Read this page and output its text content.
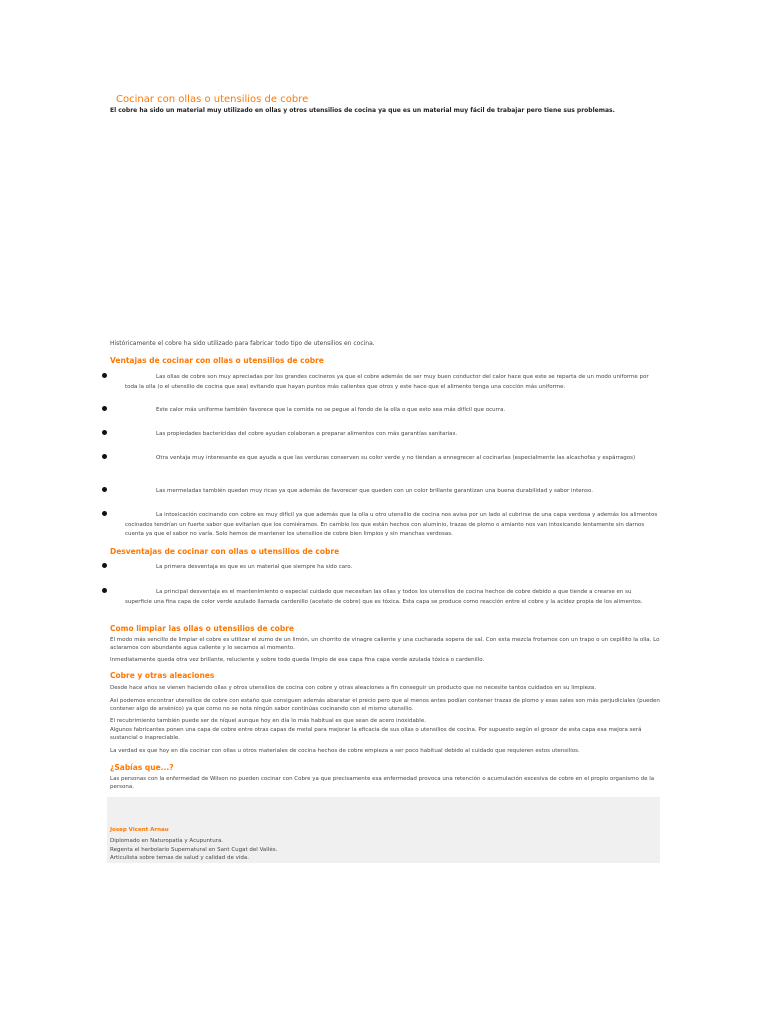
Cocinar con ollas o utensilios de cobre
El cobre ha sido un material muy utilizado en ollas y otros utensilios de cocina ya que es un material muy fácil de trabajar pero tiene sus problemas.
Históricamente el cobre ha sido utilizado para fabricar todo tipo de utensilios en cocina.
Ventajas de cocinar con ollas o utensilios de cobre
Las ollas de cobre son muy apreciadas por los grandes cocineros ya que el cobre además de ser muy buen conductor del calor hace que este se reparta de un modo uniforme por toda la olla (o el utensilio de cocina que sea) evitando que hayan puntos más calientes que otros y este hace que el alimento tenga una cocción más uniforme.
Este calor más uniforme también favorece que la comida no se pegue al fondo de la olla o que esto sea más difícil que ocurra.
Las propiedades bactericidas del cobre ayudan colaboran a preparar alimentos con más garantías sanitarias.
Otra ventaja muy interesante es que ayuda a que las verduras conserven su color verde y no tiendan a ennegrecer al cocinarlas (especialmente las alcachofas y espárragos)
Las mermeladas también quedan muy ricas ya que además de favorecer que queden con un color brillante garantizan una buena durabilidad y sabor intenso.
La intoxicación cocinando con cobre es muy difícil ya que además que la olla u otro utensilio de cocina nos avisa por un lado al cubrirse de una capa verdosa y además los alimentos cocinados tendrían un fuerte sabor que evitarían que los comiéramos. En cambio los que están hechos con aluminio, trazas de plomo o amianto nos van intoxicando lentamente sin darnos cuenta ya que el sabor no varía. Solo hemos de mantener los utensilios de cobre bien limpios y sin manchas verdosas.
Desventajas de cocinar con ollas o utensilios de cobre
La primera desventaja es que es un material que siempre ha sido caro.
La principal desventaja es el mantenimiento o especial cuidado que necesitan las ollas y todos los utensilios de cocina hechos de cobre debido a que tiende a crearse en su superficie una fina capa de color verde azulado llamada cardenillo (acetato de cobre) que es tóxica. Esta capa se produce como reacción entre el cobre y la acidez propia de los alimentos.
Como limpiar las ollas o utensilios de cobre
El modo más sencillo de limpiar el cobre es utilizar el zumo de un limón, un chorrito de vinagre caliente y una cucharada sopera de sal. Con esta mezcla frotamos con un trapo o un cepillito la olla. Lo aclaramos con abundante agua caliente y lo secamos al momento.
Inmediatamente queda otra vez brillante, reluciente y sobre todo queda limpio de esa capa fina capa verde azulada tóxica o cardenillo.
Cobre y otras aleaciones
Desde hace años se vienen haciendo ollas y otros utensilios de cocina con cobre y otras aleaciones a fin conseguir un producto que no necesite tantos cuidados en su limpieza.
Así podemos encontrar utensilios de cobre con estaño que consiguen además abaratar el precio pero que al menos antes podían contener trazas de plomo y esas sales son más perjudiciales (pueden contener algo de arsénico) ya que como no se nota ningún sabor continúas cocinando con el mismo utensilio.
El recubrimiento también puede ser de níquel aunque hoy en día lo más habitual es que sean de acero inoxidable.
Algunos fabricantes ponen una capa de cobre entre otras capas de metal para mejorar la eficacia de sus ollas o utensilios de cocina. Por supuesto según el grosor de esta capa esa mejora será sustancial o inapreciable.
La verdad es que hoy en día cocinar con ollas u otros materiales de cocina hechos de cobre empieza a ser poco habitual debido al cuidado que requieren estos utensilios.
¿Sabías que...?
Las personas con la enfermedad de Wilson no pueden cocinar con Cobre ya que precisamente esa enfermedad provoca una retención o acumulación excesiva de cobre en el propio organismo de la persona.
Josep Vicent Arnau
Diplomado en Naturopatía y Acupuntura.
Regenta el herbolario Supernatural en Sant Cugat del Vallès.
Articulista sobre temas de salud y calidad de vida.
